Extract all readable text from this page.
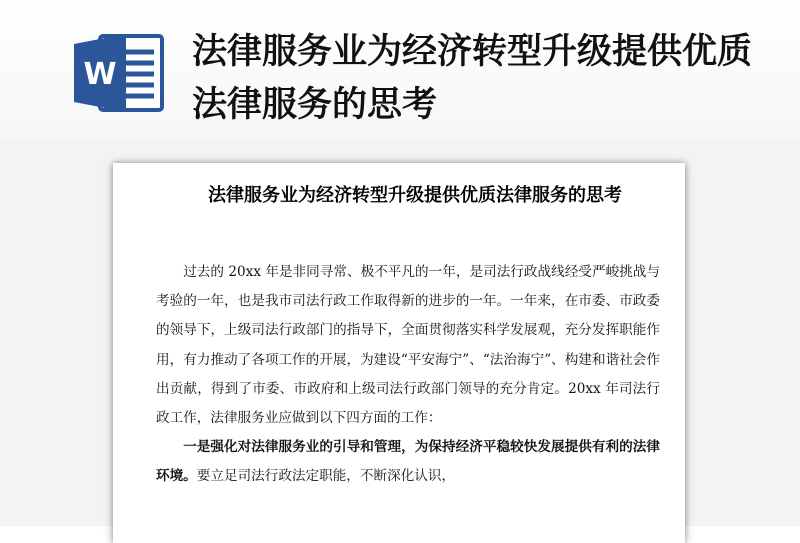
W
法律服务业为经济转型升级提供优质法律服务的思考
法律服务业为经济转型升级提供优质法律服务的思考

过去的 20xx 年是非同寻常、极不平凡的一年，是司法行政战线经受严峻挑战与考验的一年，也是我市司法行政工作取得新的进步的一年。一年来，在市委、市政委的领导下，上级司法行政部门的指导下，全面贯彻落实科学发展观，充分发挥职能作用，有力推动了各项工作的开展，为建设“平安海宁”、“法治海宁”、构建和谐社会作出贡献，得到了市委、市政府和上级司法行政部门领导的充分肯定。20xx 年司法行政工作，法律服务业应做到以下四方面的工作：

一是强化对法律服务业的引导和管理，为保持经济平稳较快发展提供有利的法律环境。要立足司法行政法定职能，不断深化认识，
